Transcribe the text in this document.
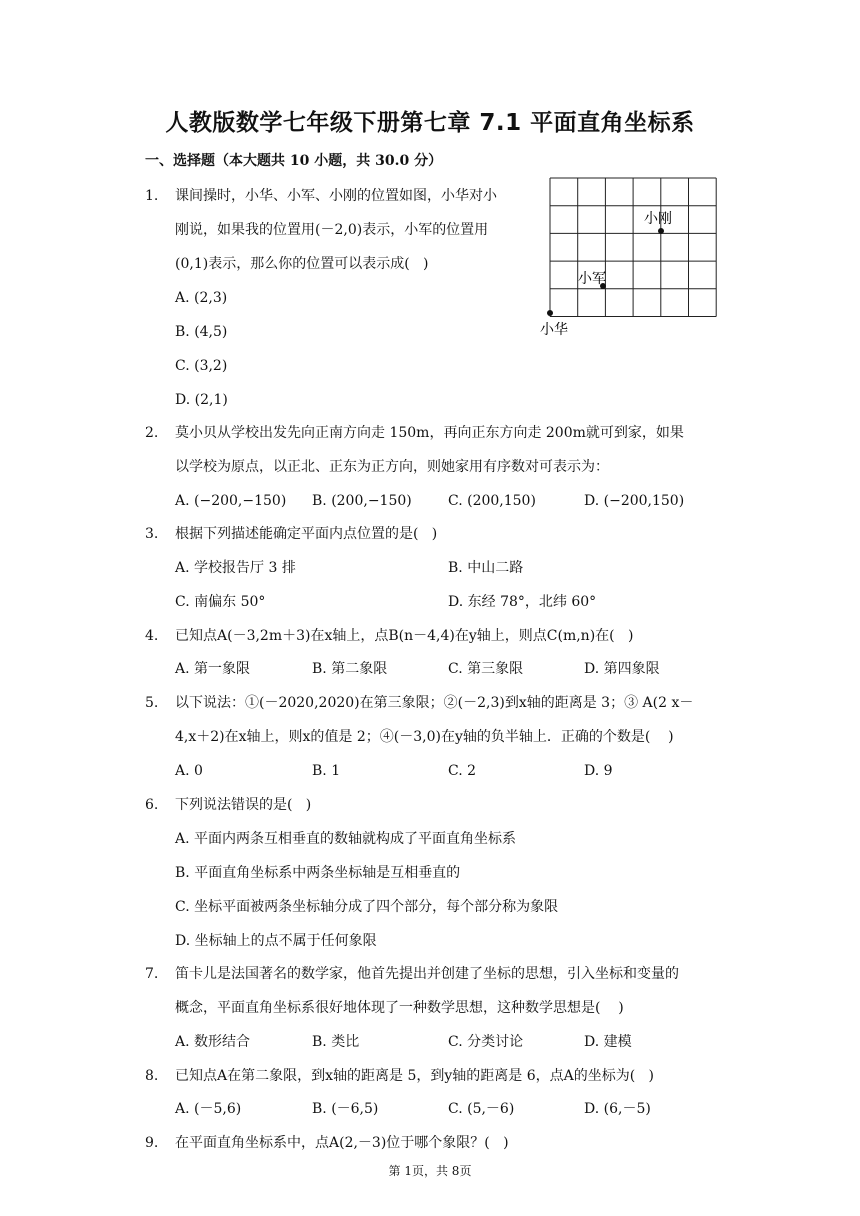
人教版数学七年级下册第七章 7.1 平面直角坐标系
一、选择题（本大题共 10 小题，共 30.0 分）
1. 课间操时，小华、小军、小刚的位置如图，小华对小
刚说，如果我的位置用(－2,0)表示，小军的位置用
(0,1)表示，那么你的位置可以表示成(   )
A. (2,3)
B. (4,5)
C. (3,2)
D. (2,1)
小刚
小军
小华
2. 莫小贝从学校出发先向正南方向走 150m，再向正东方向走 200m就可到家，如果
以学校为原点，以正北、正东为正方向，则她家用有序数对可表示为：
A. (−200,−150) B. (200,−150)	C. (200,150)	D. (−200,150)
3. 根据下列描述能确定平面内点位置的是(   )
A. 学校报告厅 3 排	B. 中山二路
C. 南偏东 50°	D. 东经 78°，北纬 60°
4. 已知点A(－3,2m＋3)在x轴上，点B(n－4,4)在y轴上，则点C(m,n)在(   )
A. 第一象限	B. 第二象限	C. 第三象限	D. 第四象限
5. 以下说法：①(－2020,2020)在第三象限；②(－2,3)到x轴的距离是 3；③ A(2 x－
4,x＋2)在x轴上，则x的值是 2；④(－3,0)在y轴的负半轴上．正确的个数是(    )
A. 0	B. 1	C. 2	D. 9
6. 下列说法错误的是(   )
A. 平面内两条互相垂直的数轴就构成了平面直角坐标系
B. 平面直角坐标系中两条坐标轴是互相垂直的
C. 坐标平面被两条坐标轴分成了四个部分，每个部分称为象限
D. 坐标轴上的点不属于任何象限
7. 笛卡儿是法国著名的数学家，他首先提出并创建了坐标的思想，引入坐标和变量的
概念，平面直角坐标系很好地体现了一种数学思想，这种数学思想是(    )
A. 数形结合	B. 类比	C. 分类讨论	D. 建模
8. 已知点A在第二象限，到x轴的距离是 5，到y轴的距离是 6，点A的坐标为(   )
A. (－5,6)	B. (－6,5)	C. (5,－6)	D. (6,－5)
9. 在平面直角坐标系中，点A(2,－3)位于哪个象限？(   )
第 1页，共 8页
